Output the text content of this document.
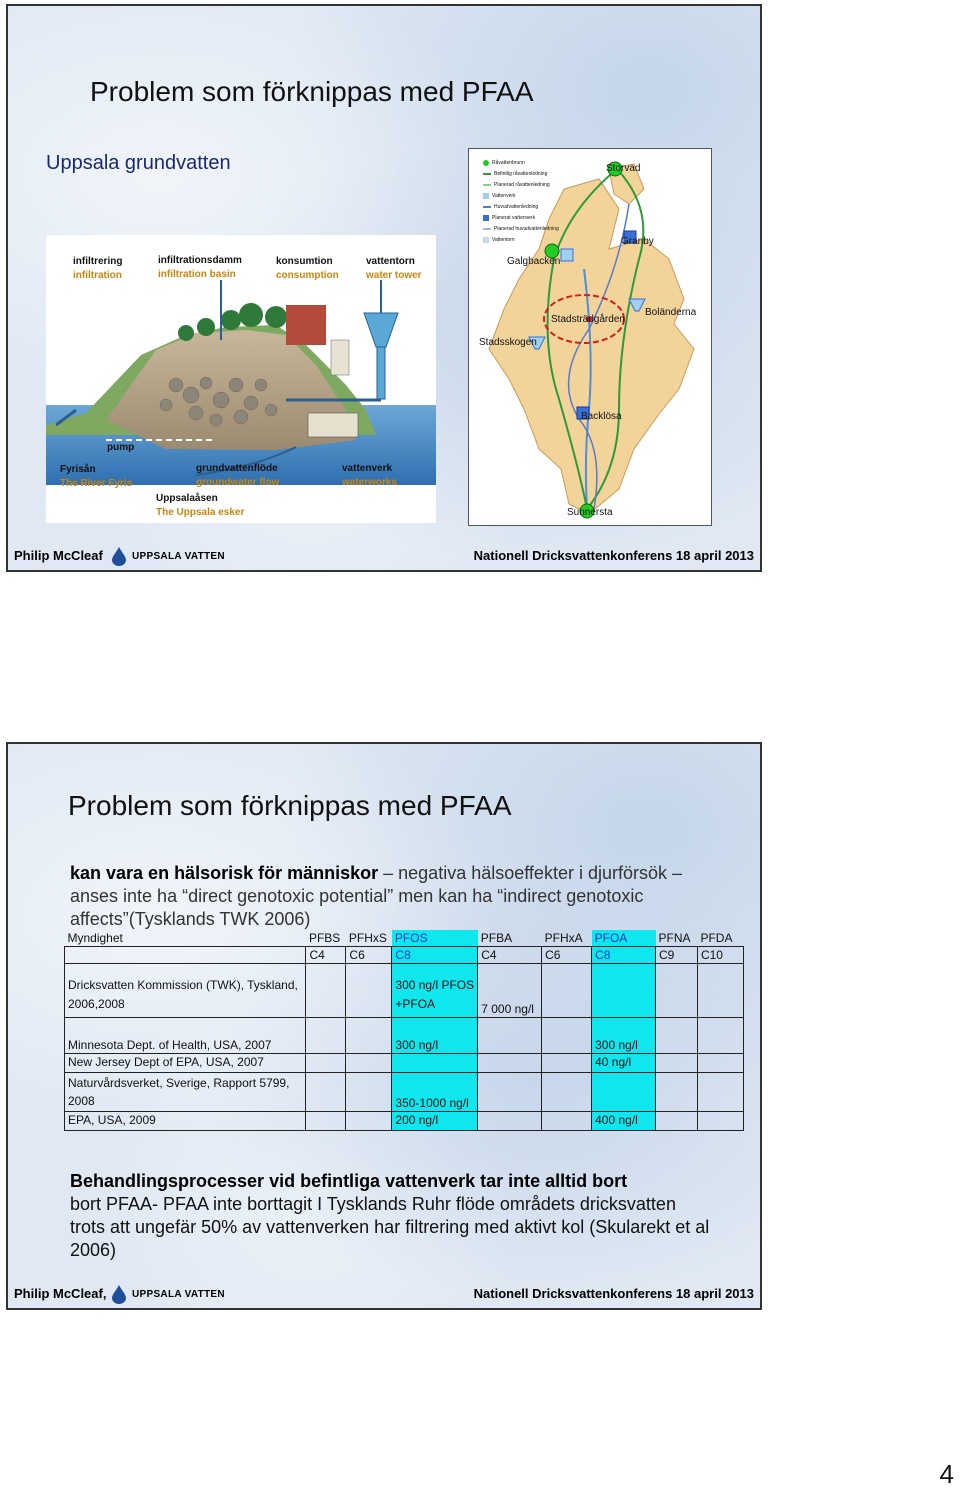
Problem som förknippas med PFAA
Uppsala grundvatten
infiltrering
infiltration
infiltrationsdamm
infiltration basin
konsumtion
consumption
vattentorn
water tower
pump
Fyrisån
The River Fyris
grundvattenflöde
groundwater flow
vattenverk
waterworks
Uppsalaåsen
The Uppsala esker
Råvattenbrunn
Befintlig råvattenledning
Planerad råvattenledning
Vattenverk
Huvudvattenledning
Planerat vattenverk
Planerad huvudvattenledning
Vattentorn
Storvad
Granby
Galgbacken
Boländerna
Stadsträdgården
Stadsskogen
Backlösa
Sunnersta
Philip McCleaf	UPPSALA VATTEN	Nationell Dricksvattenkonferens 18 april 2013
Problem som förknippas med PFAA
kan vara en hälsorisk för människor – negativa hälsoeffekter i djurförsök –anses inte ha “direct genotoxic potential” men kan ha “indirect genotoxic affects”(Tysklands TWK 2006)
Myndighet	PFBS	PFHxS	PFOS	PFBA	PFHxA	PFOA	PFNA	PFDA
	C4	C6	C8	C4	C6	C8	C9	C10
Dricksvatten Kommission (TWK), Tyskland, 2006,2008			300 ng/l PFOS +PFOA	7 000 ng/l				
Minnesota Dept. of Health, USA, 2007			300 ng/l			300 ng/l		
New Jersey Dept of EPA, USA, 2007						40 ng/l		
Naturvårdsverket, Sverige, Rapport 5799, 2008			350-1000 ng/l					
EPA, USA, 2009			200 ng/l			400 ng/l		
Behandlingsprocesser vid befintliga vattenverk tar inte alltid bort
bort PFAA- PFAA inte borttagit I Tysklands Ruhr flöde områdets dricksvatten trots att ungefär 50% av vattenverken har filtrering med aktivt kol (Skularekt et al 2006)
Philip McCleaf,	UPPSALA VATTEN	Nationell Dricksvattenkonferens 18 april 2013
4
